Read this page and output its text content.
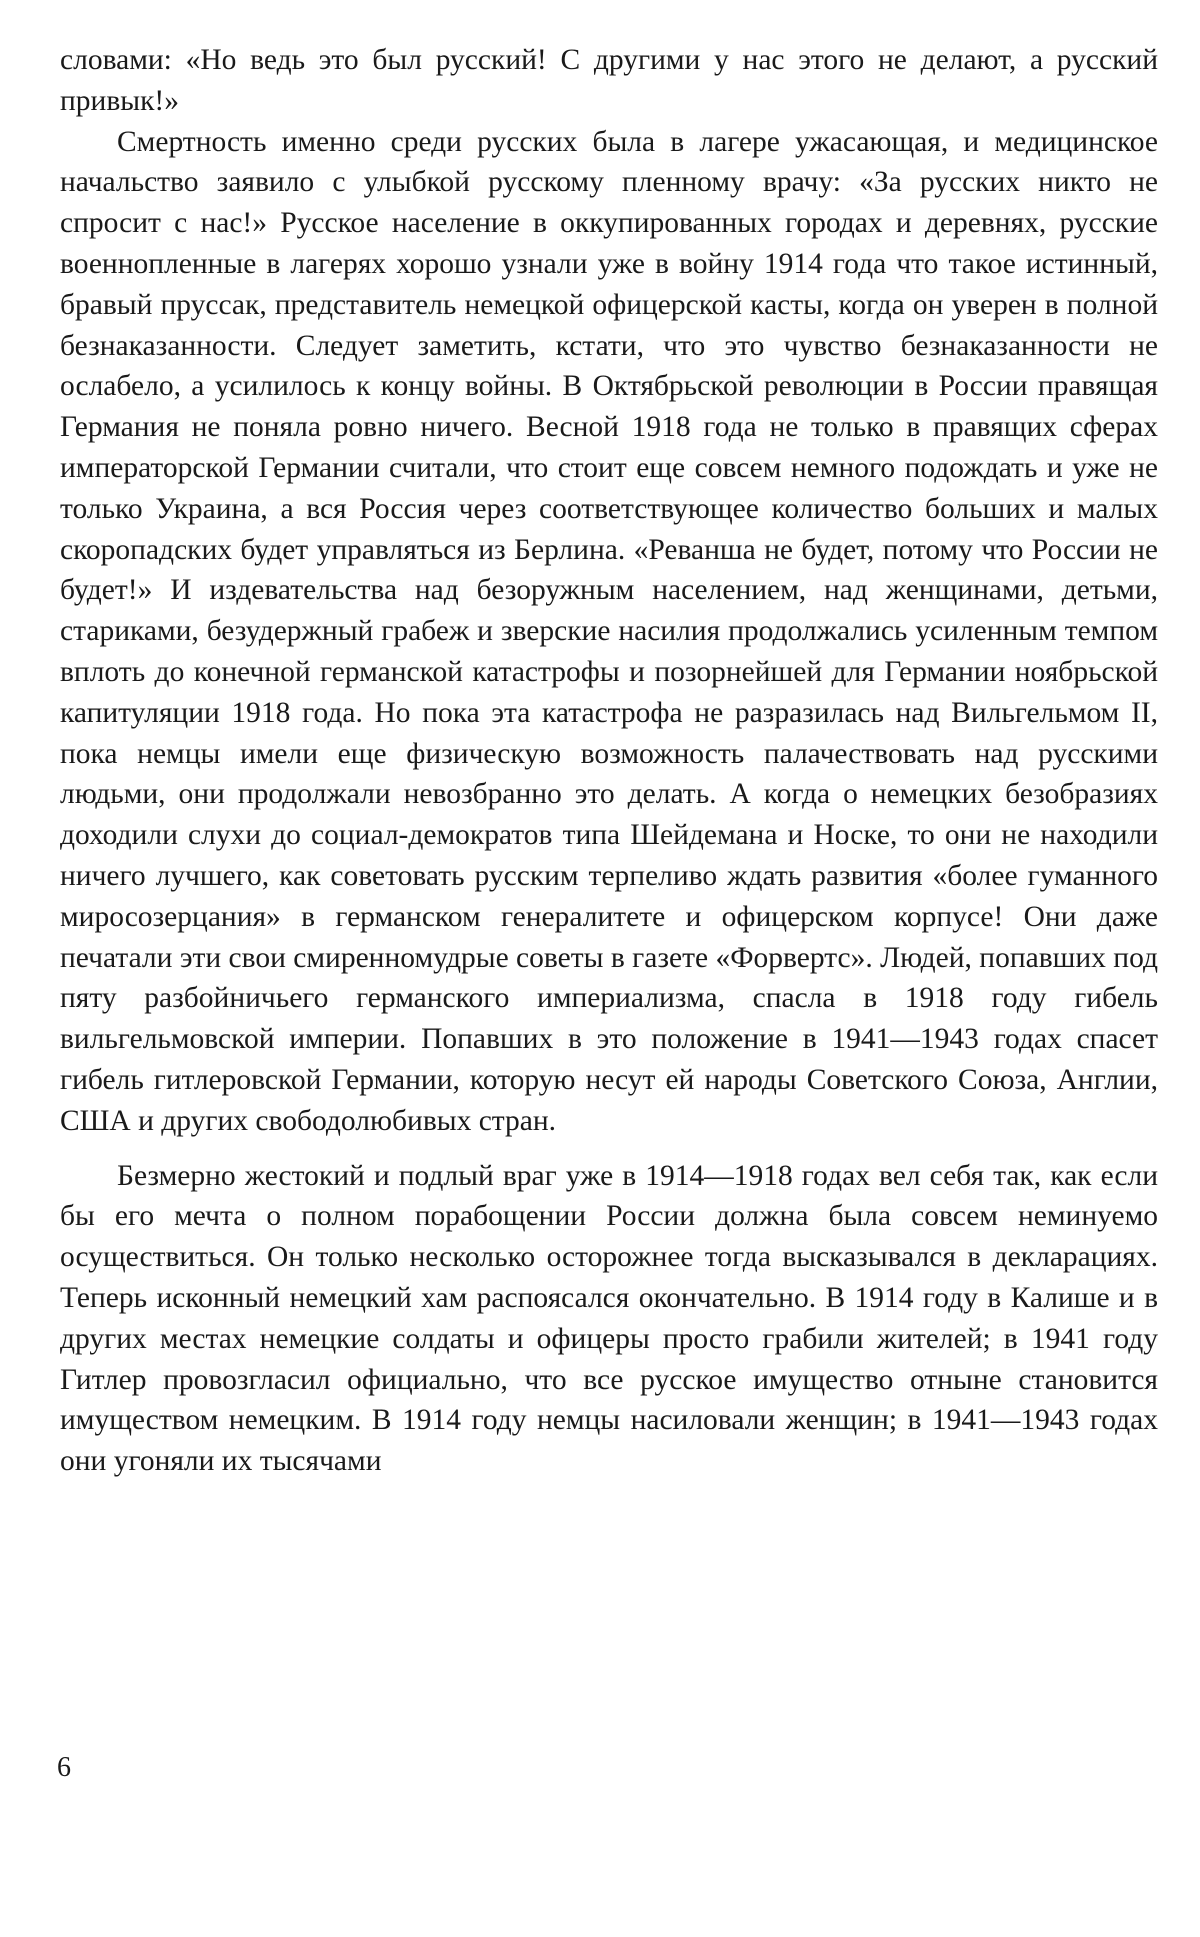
словами: «Но ведь это был русский! С другими у нас этого не делают, а русский привык!»

Смертность именно среди русских была в лагере ужасающая, и медицинское начальство заявило с улыбкой русскому пленному врачу: «За русских никто не спросит с нас!» Русское население в оккупированных городах и деревнях, русские военнопленные в лагерях хорошо узнали уже в войну 1914 года что такое истинный, бравый пруссак, представитель немецкой офицерской касты, когда он уверен в полной безнаказанности. Следует заметить, кстати, что это чувство безнаказанности не ослабело, а усилилось к концу войны. В Октябрьской революции в России правящая Германия не поняла ровно ничего. Весной 1918 года не только в правящих сферах императорской Германии считали, что стоит еще совсем немного подождать и уже не только Украина, а вся Россия через соответствующее количество больших и малых скоропадских будет управляться из Берлина. «Реванша не будет, потому что России не будет!» И издевательства над безоружным населением, над женщинами, детьми, стариками, безудержный грабеж и зверские насилия продолжались усиленным темпом вплоть до конечной германской катастрофы и позорнейшей для Германии ноябрьской капитуляции 1918 года. Но пока эта катастрофа не разразилась над Вильгельмом II, пока немцы имели еще физическую возможность палачествовать над русскими людьми, они продолжали невозбранно это делать. А когда о немецких безобразиях доходили слухи до социал-демократов типа Шейдемана и Носке, то они не находили ничего лучшего, как советовать русским терпеливо ждать развития «более гуманного миросозерцания» в германском генералитете и офицерском корпусе! Они даже печатали эти свои смиренномудрые советы в газете «Форвертс». Людей, попавших под пяту разбойничьего германского империализма, спасла в 1918 году гибель вильгельмовской империи. Попавших в это положение в 1941—1943 годах спасет гибель гитлеровской Германии, которую несут ей народы Советского Союза, Англии, США и других свободолюбивых стран.

Безмерно жестокий и подлый враг уже в 1914—1918 годах вел себя так, как если бы его мечта о полном порабощении России должна была совсем неминуемо осуществиться. Он только несколько осторожнее тогда высказывался в декларациях. Теперь исконный немецкий хам распоясался окончательно. В 1914 году в Калише и в других местах немецкие солдаты и офицеры просто грабили жителей; в 1941 году Гитлер провозгласил официально, что все русское имущество отныне становится имуществом немецким. В 1914 году немцы насиловали женщин; в 1941—1943 годах они угоняли их тысячами

6
